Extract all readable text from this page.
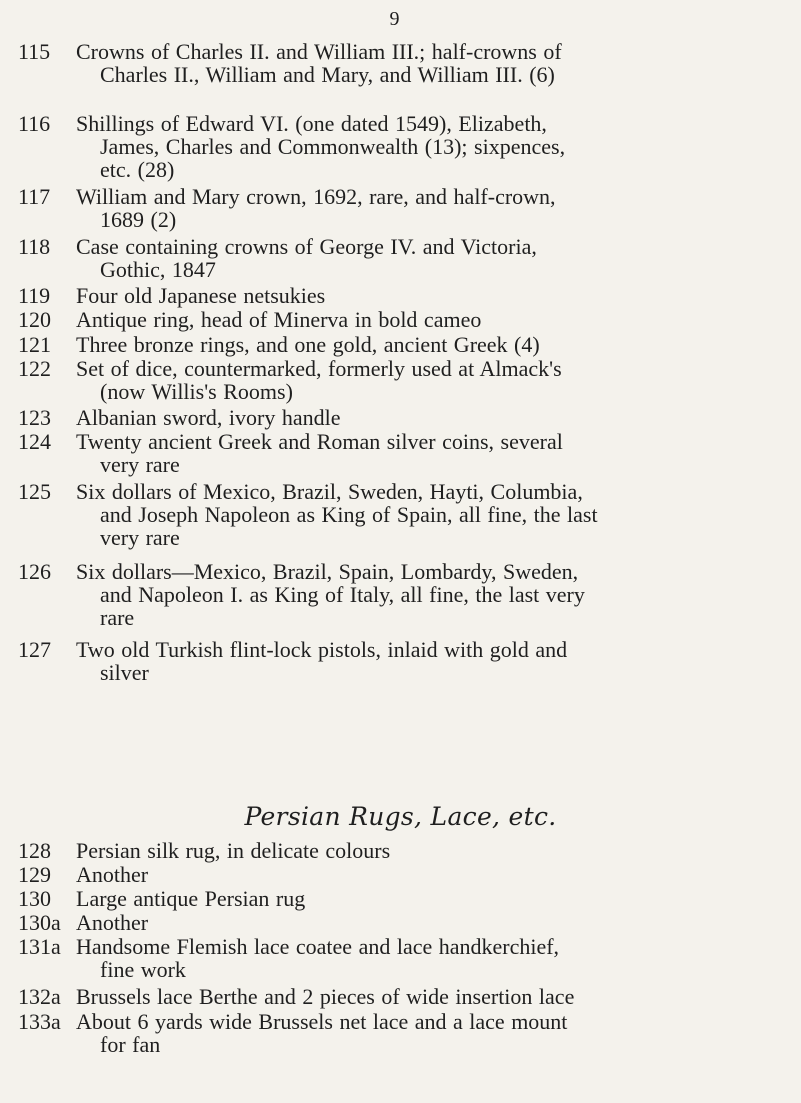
9
115	Crowns of Charles II. and William III.; half-crowns of
Charles II., William and Mary, and William III. (6)
116	Shillings of Edward VI. (one dated 1549), Elizabeth,
James, Charles and Commonwealth (13); sixpences,
etc. (28)
117	William and Mary crown, 1692, rare, and half-crown,
1689 (2)
118	Case containing crowns of George IV. and Victoria,
Gothic, 1847
119	Four old Japanese netsukies
120	Antique ring, head of Minerva in bold cameo
121	Three bronze rings, and one gold, ancient Greek (4)
122	Set of dice, countermarked, formerly used at Almack's
(now Willis's Rooms)
123	Albanian sword, ivory handle
124	Twenty ancient Greek and Roman silver coins, several
very rare
125	Six dollars of Mexico, Brazil, Sweden, Hayti, Columbia,
and Joseph Napoleon as King of Spain, all fine, the last
very rare
126	Six dollars—Mexico, Brazil, Spain, Lombardy, Sweden,
and Napoleon I. as King of Italy, all fine, the last very
rare
127	Two old Turkish flint-lock pistols, inlaid with gold and
silver
Persian Rugs, Lace, etc.
128	Persian silk rug, in delicate colours
129	Another
130	Large antique Persian rug
130a Another
131a Handsome Flemish lace coatee and lace handkerchief,
fine work
132a Brussels lace Berthe and 2 pieces of wide insertion lace
133a About 6 yards wide Brussels net lace and a lace mount
for fan
